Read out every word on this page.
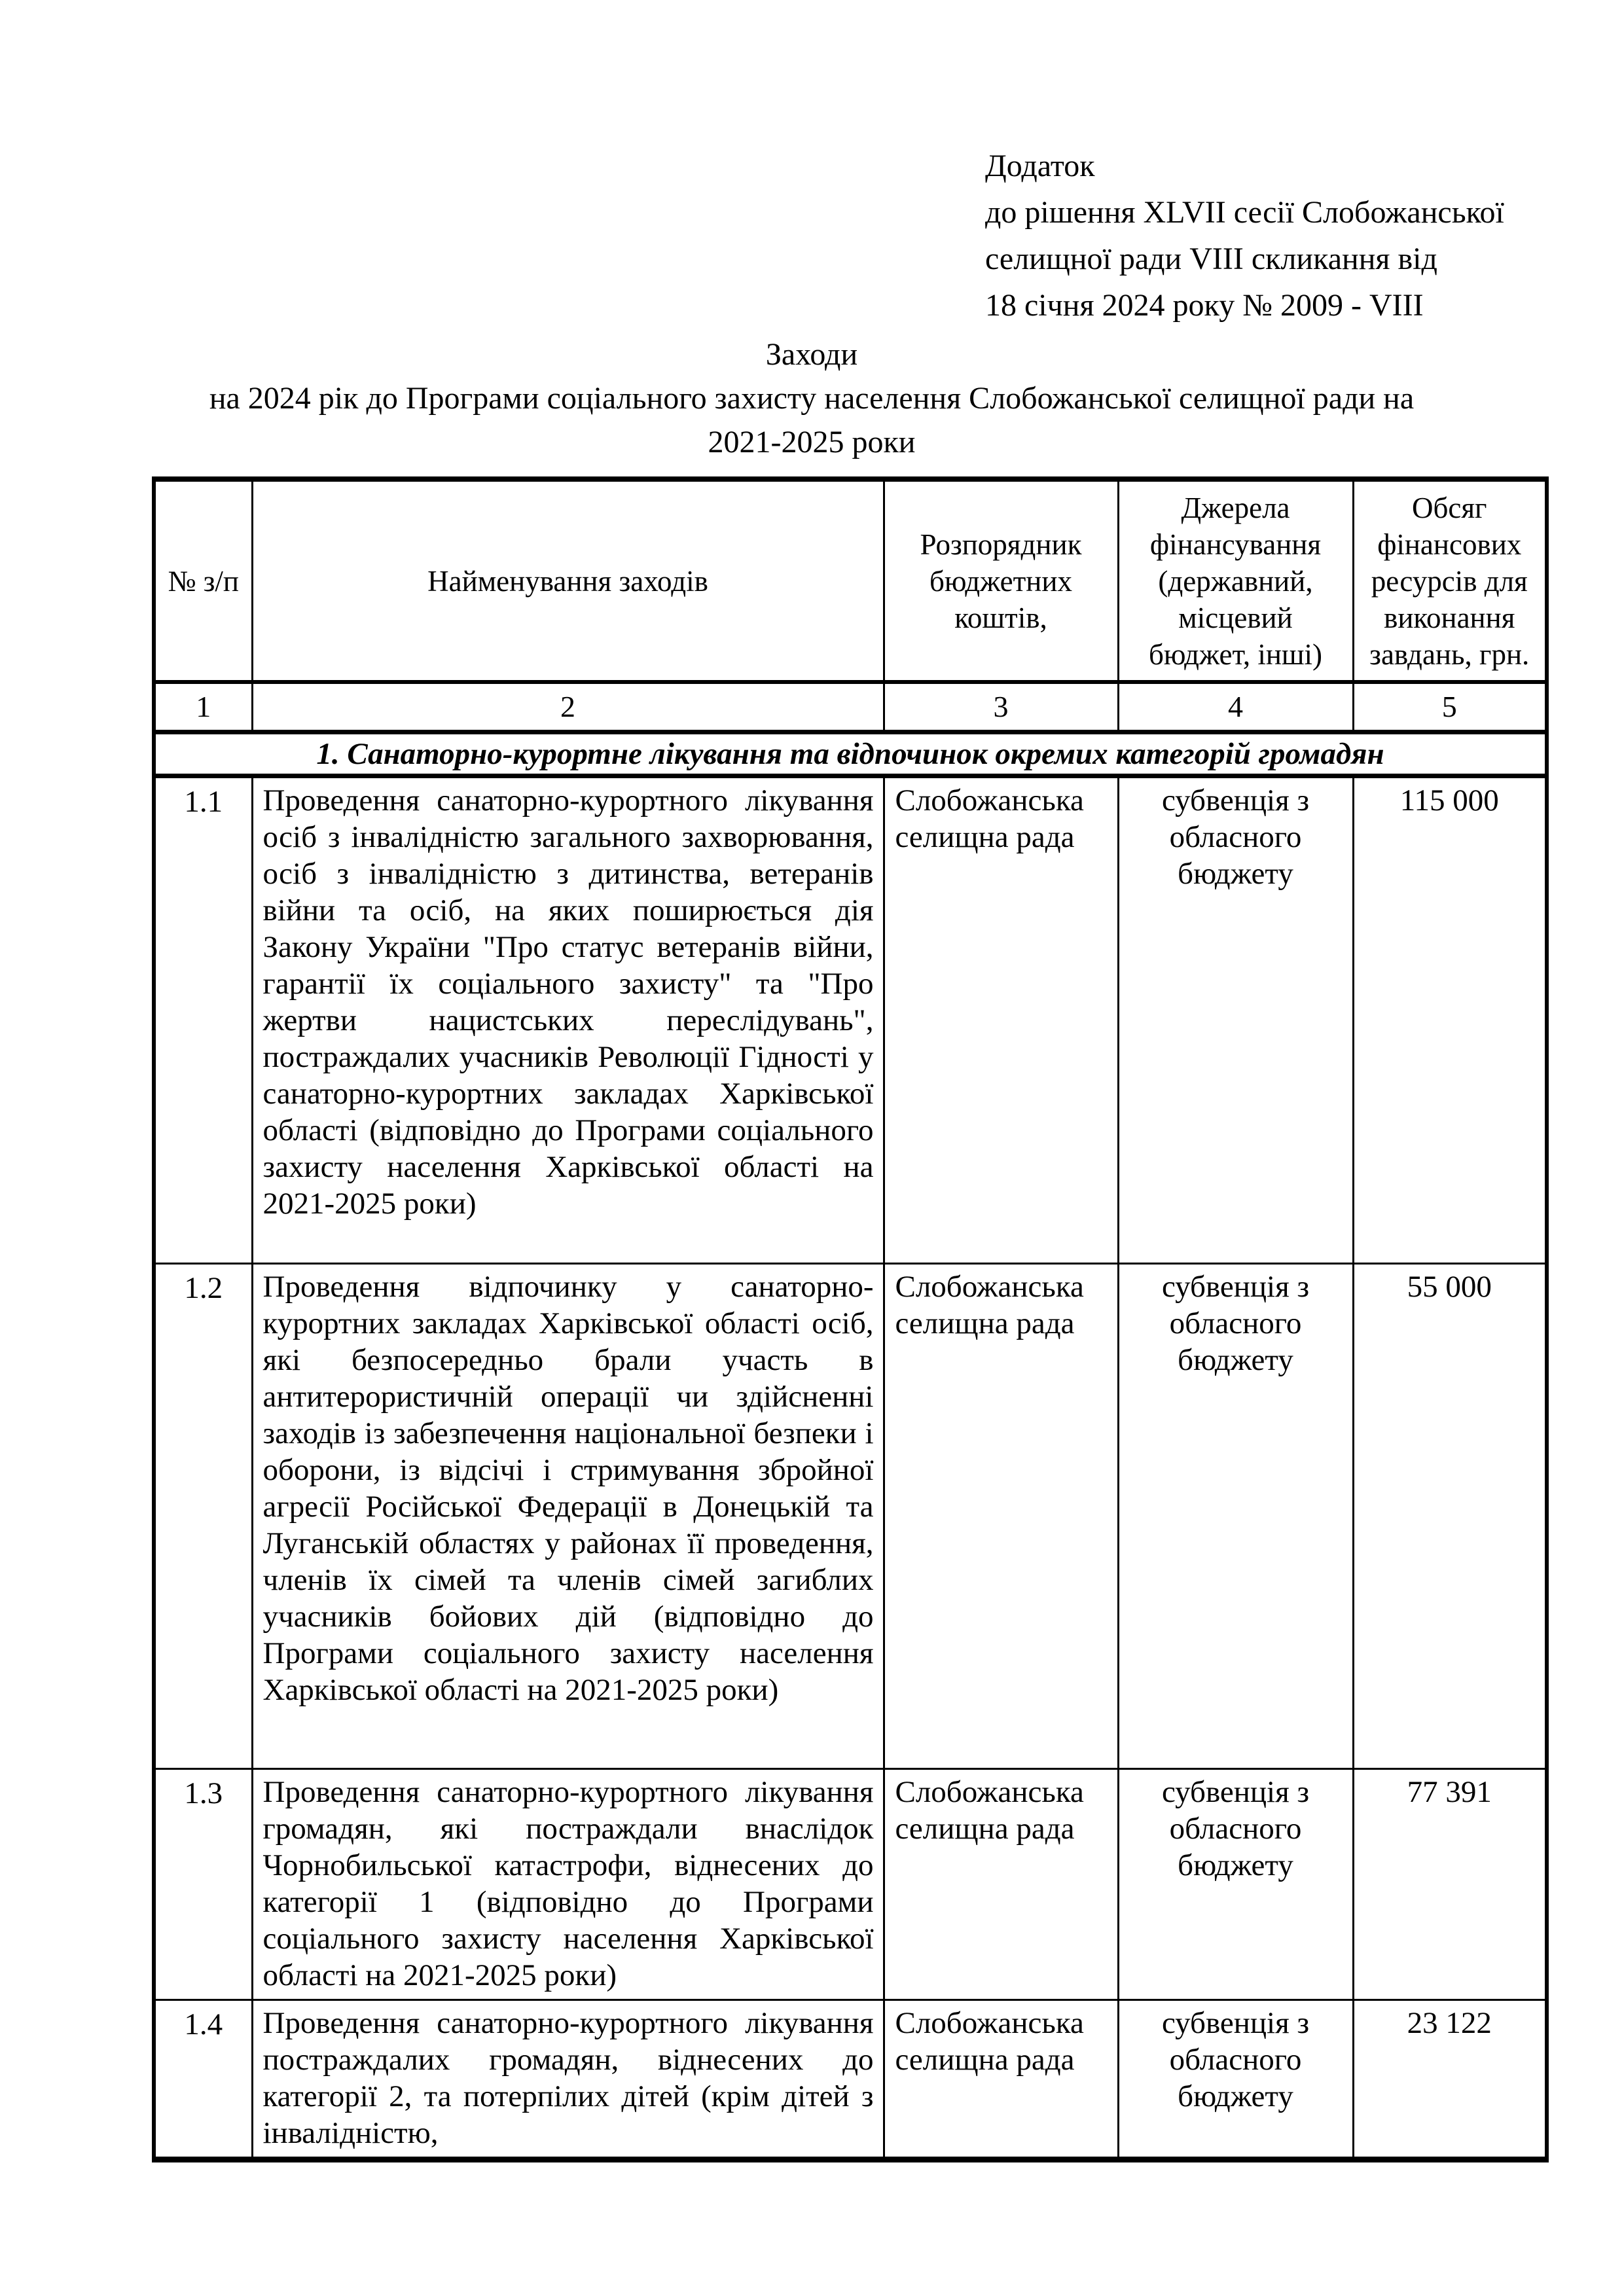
Додаток
до рішення XLVII сесії Слобожанської
селищної ради VIII скликання від
18 січня 2024 року № 2009 - VIII
Заходи
на 2024 рік до Програми соціального захисту населення Слобожанської селищної ради на
2021-2025 роки
№ з/п	Найменування заходів	Розпорядник бюджетних коштів,	Джерела фінансування (державний, місцевий бюджет, інші)	Обсяг фінансових ресурсів для виконання завдань, грн.
1	2	3	4	5
1. Санаторно-курортне лікування та відпочинок окремих категорій громадян				
1.1	Проведення санаторно-курортного лікування осіб з інвалідністю загального захворювання, осіб з інвалідністю з дитинства, ветеранів війни та осіб, на яких поширюється дія Закону України "Про статус ветеранів війни, гарантії їх соціального захисту" та "Про жертви нацистських переслідувань", постраждалих учасників Революції Гідності у санаторно-курортних закладах Харківської області (відповідно до Програми соціального захисту населення Харківської області на 2021-2025 роки)	Слобожанська селищна рада	субвенція з обласного бюджету	115 000
1.2	Проведення відпочинку у санаторно-курортних закладах Харківської області осіб, які безпосередньо брали участь в антитерористичній операції чи здійсненні заходів із забезпечення національної безпеки і оборони, із відсічі і стримування збройної агресії Російської Федерації в Донецькій та Луганській областях у районах її проведення, членів їх сімей та членів сімей загиблих учасників бойових дій (відповідно до Програми соціального захисту населення Харківської області на 2021-2025 роки)	Слобожанська селищна рада	субвенція з обласного бюджету	55 000
1.3	Проведення санаторно-курортного лікування громадян, які постраждали внаслідок Чорнобильської катастрофи, віднесених до категорії 1 (відповідно до Програми соціального захисту населення Харківської області на 2021-2025 роки)	Слобожанська селищна рада	субвенція з обласного бюджету	77 391
1.4	Проведення санаторно-курортного лікування постраждалих громадян, віднесених до категорії 2, та потерпілих дітей (крім дітей з інвалідністю,	Слобожанська селищна рада	субвенція з обласного бюджету	23 122
